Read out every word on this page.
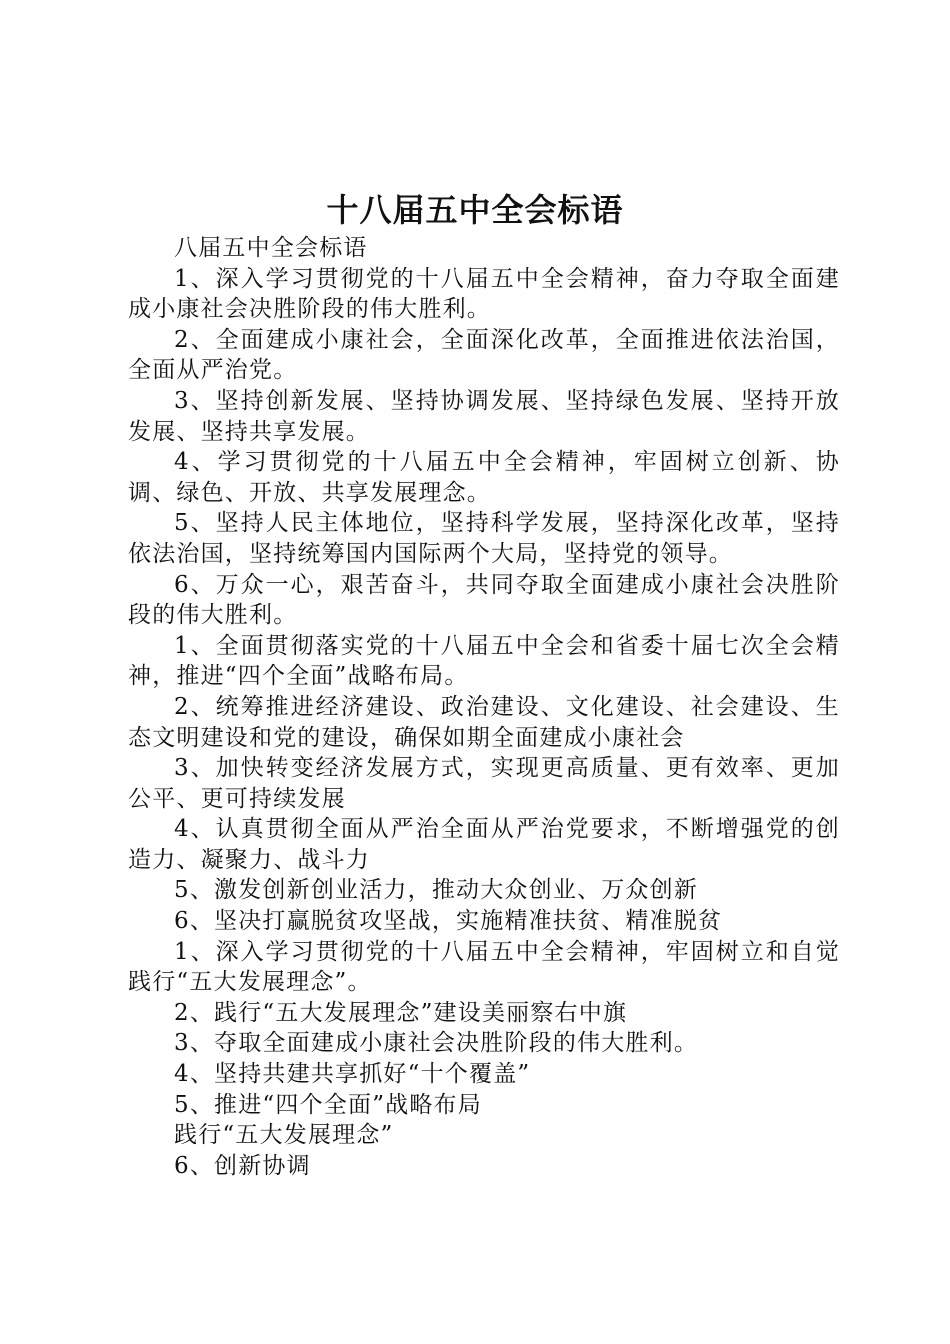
十八届五中全会标语

八届五中全会标语

1、深入学习贯彻党的十八届五中全会精神，奋力夺取全面建成小康社会决胜阶段的伟大胜利。

2、全面建成小康社会，全面深化改革，全面推进依法治国，全面从严治党。

3、坚持创新发展、坚持协调发展、坚持绿色发展、坚持开放发展、坚持共享发展。

4、学习贯彻党的十八届五中全会精神，牢固树立创新、协调、绿色、开放、共享发展理念。

5、坚持人民主体地位，坚持科学发展，坚持深化改革，坚持依法治国，坚持统筹国内国际两个大局，坚持党的领导。

6、万众一心，艰苦奋斗，共同夺取全面建成小康社会决胜阶段的伟大胜利。

1、全面贯彻落实党的十八届五中全会和省委十届七次全会精神，推进“四个全面”战略布局。

2、统筹推进经济建设、政治建设、文化建设、社会建设、生态文明建设和党的建设，确保如期全面建成小康社会

3、加快转变经济发展方式，实现更高质量、更有效率、更加公平、更可持续发展

4、认真贯彻全面从严治全面从严治党要求，不断增强党的创造力、凝聚力、战斗力

5、激发创新创业活力，推动大众创业、万众创新

6、坚决打赢脱贫攻坚战，实施精准扶贫、精准脱贫

1、深入学习贯彻党的十八届五中全会精神，牢固树立和自觉践行“五大发展理念”。

2、践行“五大发展理念”建设美丽察右中旗

3、夺取全面建成小康社会决胜阶段的伟大胜利。

4、坚持共建共享抓好“十个覆盖”

5、推进“四个全面”战略布局

践行“五大发展理念”

6、创新协调
